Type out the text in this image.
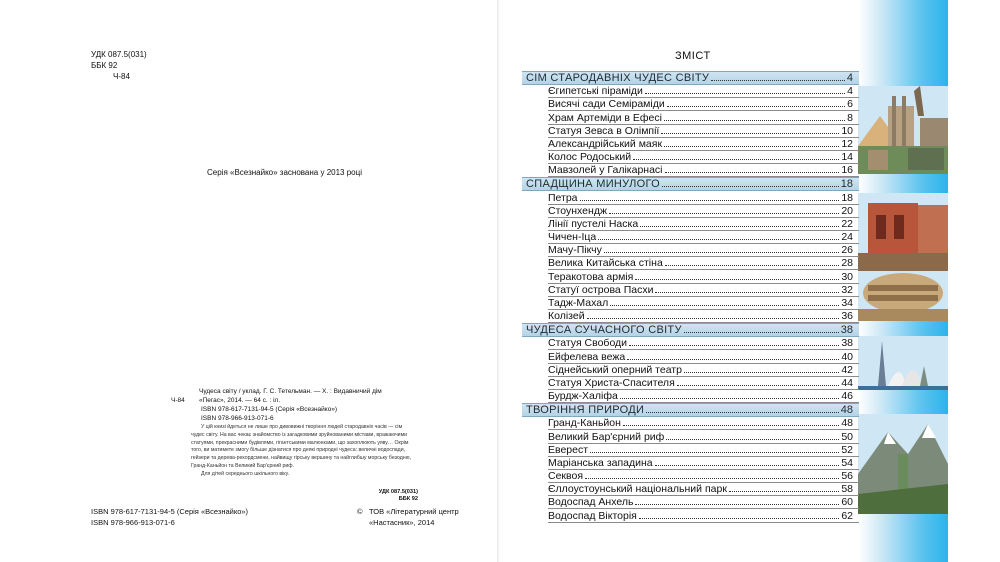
УДК 087.5(031)
ББК 92
Ч-84
Серія «Всезнайко» заснована у 2013 році
Чудеса світу / уклад. Г. С. Тетельман. — Х. : Видавничий дім
Ч-84	«Пегас», 2014. — 64 с. : іл.
ISBN 978-617-7131-94-5 (Серія «Всезнайко»)
ISBN 978-966-913-071-6

У цій книзі йдеться не лише про дивовижні творіння людей стародавніх часів — сім чудес світу. На вас чекає знайомство із загадковими зруйнованими містами, вражаючими статуями, прекрасними будівлями, гігантськими малюнками, що захоплюють уяву… Окрім того, ви матимете змогу більше дізнатися про деякі природні чудеса: величні водоспади, гейзери та дерева-рекордсмени, найвищу гірську вершину та найглибшу морську безодню, Гранд-Каньйон та Великий Бар'єрний риф.

Для дітей середнього шкільного віку.

УДК 087.5(031)
ББК 92
ISBN 978-617-7131-94-5 (Серія «Всезнайко»)
ISBN 978-966-913-071-6
© ТОВ «Літературний центр
«Настасник», 2014
ЗМІСТ
СІМ СТАРОДАВНІХ ЧУДЕС СВІТУ	4
Єгипетські піраміди	4
Висячі сади Семіраміди	6
Храм Артеміди в Ефесі	8
Статуя Зевса в Олімпії	10
Александрійський маяк	12
Колос Родоський	14
Мавзолей у Галікарнасі	16
СПАДЩИНА МИНУЛОГО	18
Петра	18
Стоунхендж	20
Лінії пустелі Наска	22
Чичен-Іца	24
Мачу-Пікчу	26
Велика Китайська стіна	28
Теракотова армія	30
Статуї острова Пасхи	32
Тадж-Махал	34
Колізей	36
ЧУДЕСА СУЧАСНОГО СВІТУ	38
Статуя Свободи	38
Ейфелева вежа	40
Сіднейський оперний театр	42
Статуя Христа-Спасителя	44
Бурдж-Халіфа	46
ТВОРІННЯ ПРИРОДИ	48
Гранд-Каньйон	48
Великий Бар'єрний риф	50
Еверест	52
Маріанська западина	54
Секвоя	56
Єллоустоунський національний парк	58
Водоспад Анхель	60
Водоспад Вікторія	62
